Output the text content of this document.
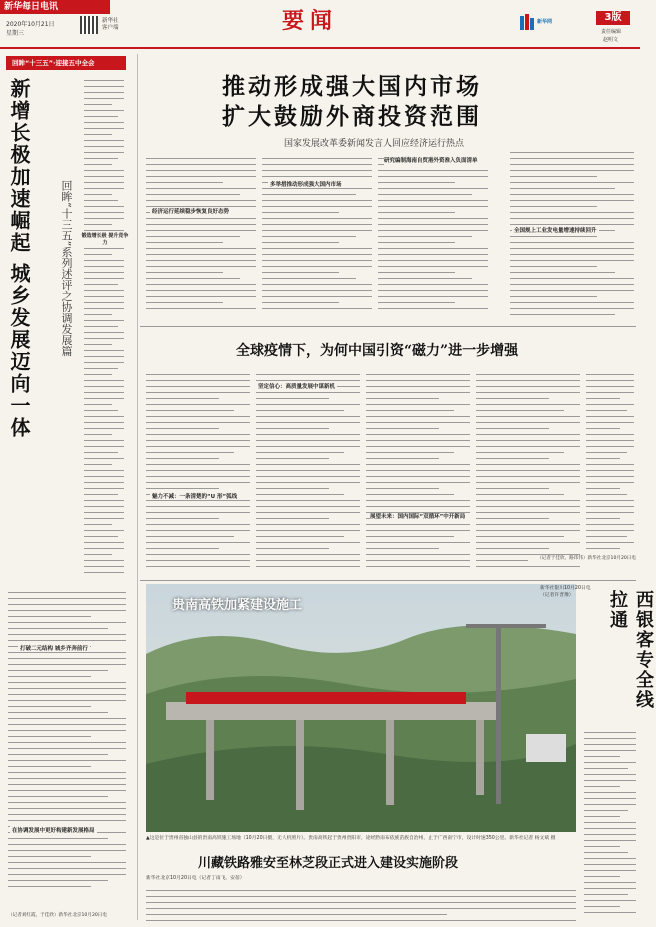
新华每日电讯
2020年10月21日
星期三
新华社
客户端	要闻	新华网	3版
责任编辑
赵明文
回眸“十三五”·迎接五中全会
新增长极加速崛起 城乡发展迈向一体	回眸“十三五”系列述评之协调发展篇	锻造增长极 提升竞争力
打破二元结构 城乡齐奔前行
在协调发展中更好构建新发展格局
（记者刘红霞、于佳欣）新华社北京10月20日电
推动形成强大国内市场
扩大鼓励外商投资范围
国家发展改革委新闻发言人回应经济运行热点
经济运行延续稳步恢复良好态势
多举措推动形成强大国内市场
研究编制海南自贸港外资准入负面清单
全国规上工业发电量增速持续回升
全球疫情下，为何中国引资“磁力”进一步增强
坚定信心：高质量发展中谋新机
魅力不减：一条清楚的“U 形”弧线
展望未来：国内国际“双循环”中开新局
（记者于佳欣、路玮伟）新华社北京10月20日电
贵南高铁加紧建设施工
▲这是位于贵州省独山县的贵南高铁施工场地（10月20日摄，无人机照片）。贵南高铁起于贵州贵阳市，途经黔南布依族苗族自治州，止于广西南宁市，设计时速350公里。新华社记者 杨文斌 摄
新华社银川10月20日电（记者许晋豫）	西银客专全线拉通
川藏铁路雅安至林芝段正式进入建设实施阶段
新华社北京10月20日电（记者丁雨飞、安蓓）
